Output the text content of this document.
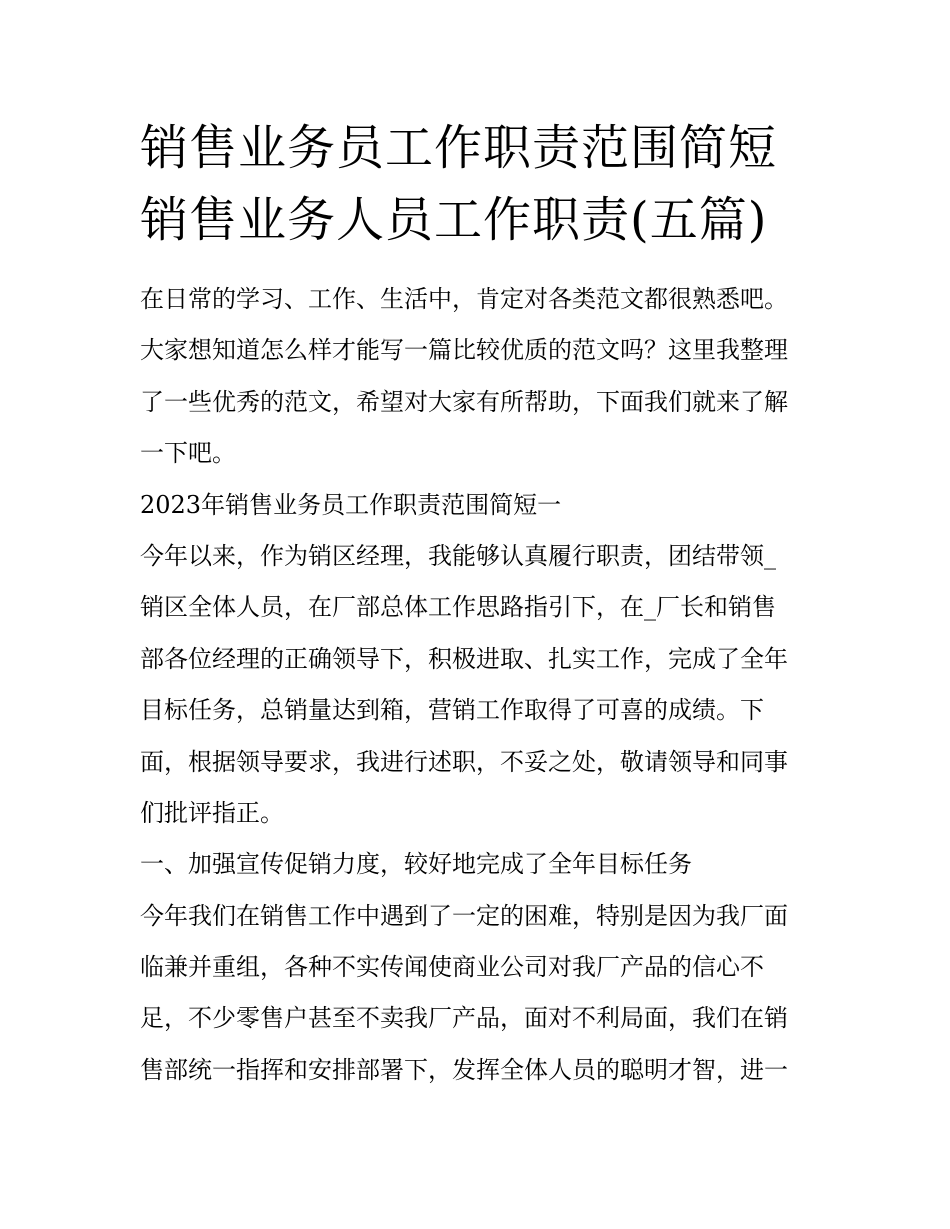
销售业务员工作职责范围简短
销售业务人员工作职责(五篇)
在日常的学习、工作、生活中，肯定对各类范文都很熟悉吧。
大家想知道怎么样才能写一篇比较优质的范文吗？这里我整理
了一些优秀的范文，希望对大家有所帮助，下面我们就来了解
一下吧。
2023年销售业务员工作职责范围简短一
今年以来，作为销区经理，我能够认真履行职责，团结带领_
销区全体人员，在厂部总体工作思路指引下，在_厂长和销售
部各位经理的正确领导下，积极进取、扎实工作，完成了全年
目标任务，总销量达到箱，营销工作取得了可喜的成绩。下
面，根据领导要求，我进行述职，不妥之处，敬请领导和同事
们批评指正。
一、加强宣传促销力度，较好地完成了全年目标任务
今年我们在销售工作中遇到了一定的困难，特别是因为我厂面
临兼并重组，各种不实传闻使商业公司对我厂产品的信心不
足，不少零售户甚至不卖我厂产品，面对不利局面，我们在销
售部统一指挥和安排部署下，发挥全体人员的聪明才智，进一
